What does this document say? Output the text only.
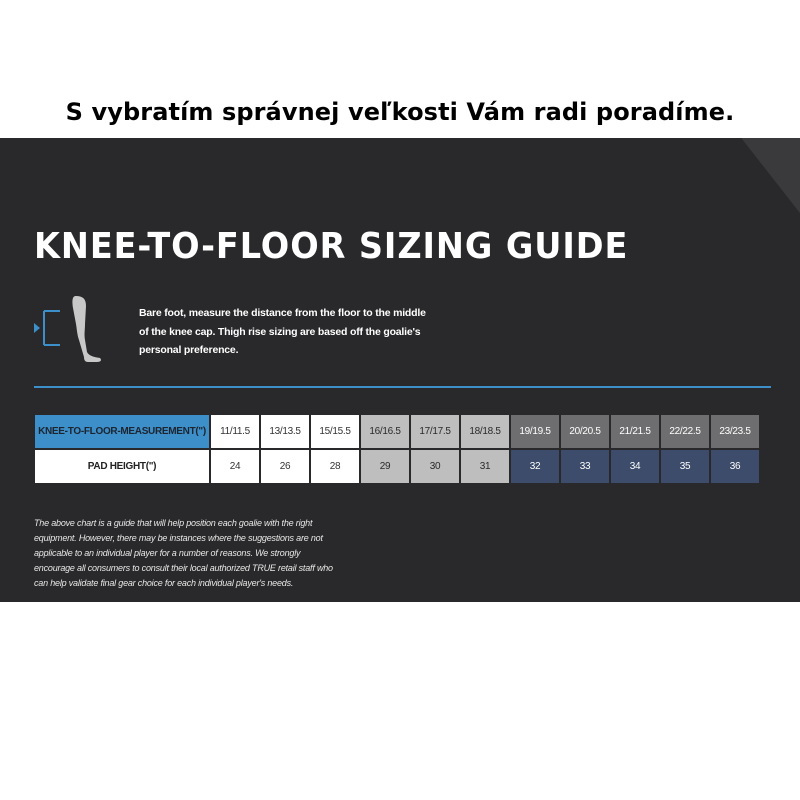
S vybratím správnej veľkosti Vám radi poradíme.
KNEE-TO-FLOOR SIZING GUIDE

Bare foot, measure the distance from the floor to the middle of the knee cap. Thigh rise sizing are based off the goalie's personal preference.

KNEE-TO-FLOOR-MEASUREMENT(")	11/11.5	13/13.5	15/15.5	16/16.5	17/17.5	18/18.5	19/19.5	20/20.5	21/21.5	22/22.5	23/23.5
PAD HEIGHT(")	24	26	28	29	30	31	32	33	34	35	36

The above chart is a guide that will help position each goalie with the right equipment. However, there may be instances where the suggestions are not applicable to an individual player for a number of reasons. We strongly encourage all consumers to consult their local authorized TRUE retail staff who can help validate final gear choice for each individual player's needs.
